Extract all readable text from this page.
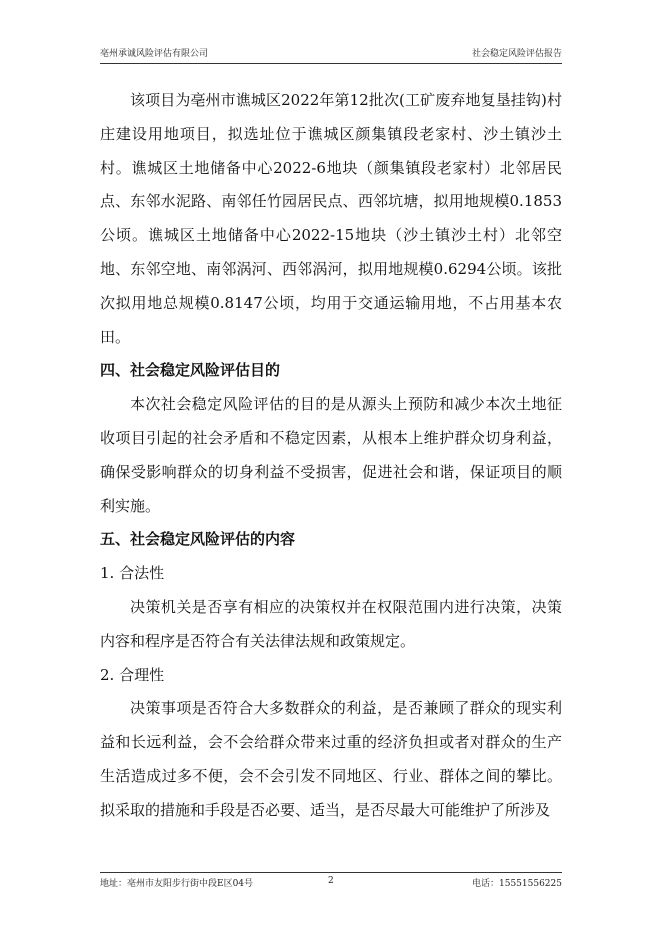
亳州承诚风险评估有限公司	社会稳定风险评估报告

该项目为亳州市谯城区2022年第12批次(工矿废弃地复垦挂钩)村庄建设用地项目，拟选址位于谯城区颜集镇段老家村、沙土镇沙土村。谯城区土地储备中心2022-6地块（颜集镇段老家村）北邻居民点、东邻水泥路、南邻任竹园居民点、西邻坑塘，拟用地规模0.1853公顷。谯城区土地储备中心2022-15地块（沙土镇沙土村）北邻空地、东邻空地、南邻涡河、西邻涡河，拟用地规模0.6294公顷。该批次拟用地总规模0.8147公顷，均用于交通运输用地，不占用基本农田。

四、社会稳定风险评估目的

本次社会稳定风险评估的目的是从源头上预防和减少本次土地征收项目引起的社会矛盾和不稳定因素，从根本上维护群众切身利益，确保受影响群众的切身利益不受损害，促进社会和谐，保证项目的顺利实施。

五、社会稳定风险评估的内容

1. 合法性

决策机关是否享有相应的决策权并在权限范围内进行决策，决策内容和程序是否符合有关法律法规和政策规定。

2. 合理性

决策事项是否符合大多数群众的利益，是否兼顾了群众的现实利益和长远利益，会不会给群众带来过重的经济负担或者对群众的生产生活造成过多不便，会不会引发不同地区、行业、群体之间的攀比。拟采取的措施和手段是否必要、适当，是否尽最大可能维护了所涉及

地址：亳州市友阳步行街中段E区04号	2	电话：15551556225
